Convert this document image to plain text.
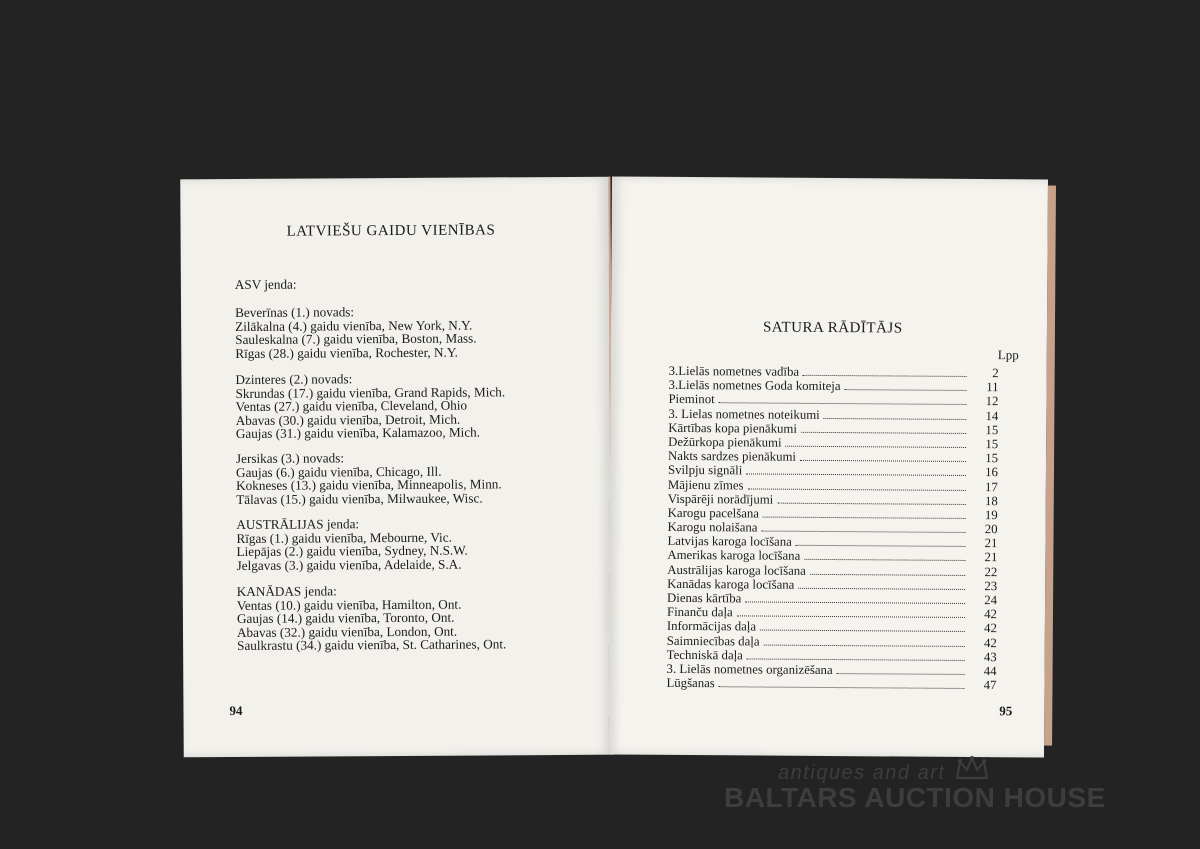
LATVIEŠU GAIDU VIENĪBAS
ASV jenda:
Beverīnas (1.) novads:
Zilākalna (4.) gaidu vienība, New York, N.Y.
Sauleskalna (7.) gaidu vienība, Boston, Mass.
Rīgas (28.) gaidu vienība, Rochester, N.Y.
Dzinteres (2.) novads:
Skrundas (17.) gaidu vienība, Grand Rapids, Mich.
Ventas (27.) gaidu vienība, Cleveland, Ohio
Abavas (30.) gaidu vienība, Detroit, Mich.
Gaujas (31.) gaidu vienība, Kalamazoo, Mich.
Jersikas (3.) novads:
Gaujas (6.) gaidu vienība, Chicago, Ill.
Kokneses (13.) gaidu vienība, Minneapolis, Minn.
Tālavas (15.) gaidu vienība, Milwaukee, Wisc.
AUSTRĀLIJAS jenda:
Rīgas (1.) gaidu vienība, Mebourne, Vic.
Liepājas (2.) gaidu vienība, Sydney, N.S.W.
Jelgavas (3.) gaidu vienība, Adelaide, S.A.
KANĀDAS jenda:
Ventas (10.) gaidu vienība, Hamilton, Ont.
Gaujas (14.) gaidu vienība, Toronto, Ont.
Abavas (32.) gaidu vienība, London, Ont.
Saulkrastu (34.) gaidu vienība, St. Catharines, Ont.
94
SATURA RĀDĪTĀJS
Lpp
3.Lielās nometnes vadība	2
3.Lielās nometnes Goda komiteja	11
Pieminot	12
3. Lielas nometnes noteikumi	14
Kārtības kopa pienākumi	15
Dežūrkopa pienākumi	15
Nakts sardzes pienākumi	15
Svilpju signāli	16
Mājienu zīmes	17
Vispārēji norādījumi	18
Karogu pacelšana	19
Karogu nolaišana	20
Latvijas karoga locīšana	21
Amerikas karoga locīšana	21
Austrālijas karoga locīšana	22
Kanādas karoga locīšana	23
Dienas kārtība	24
Finanču daļa	42
Informācijas daļa	42
Saimniecības daļa	42
Techniskā daļa	43
3. Lielās nometnes organizēšana	44
Lūgšanas	47
95
antiques and art
BALTARS AUCTION HOUSE
